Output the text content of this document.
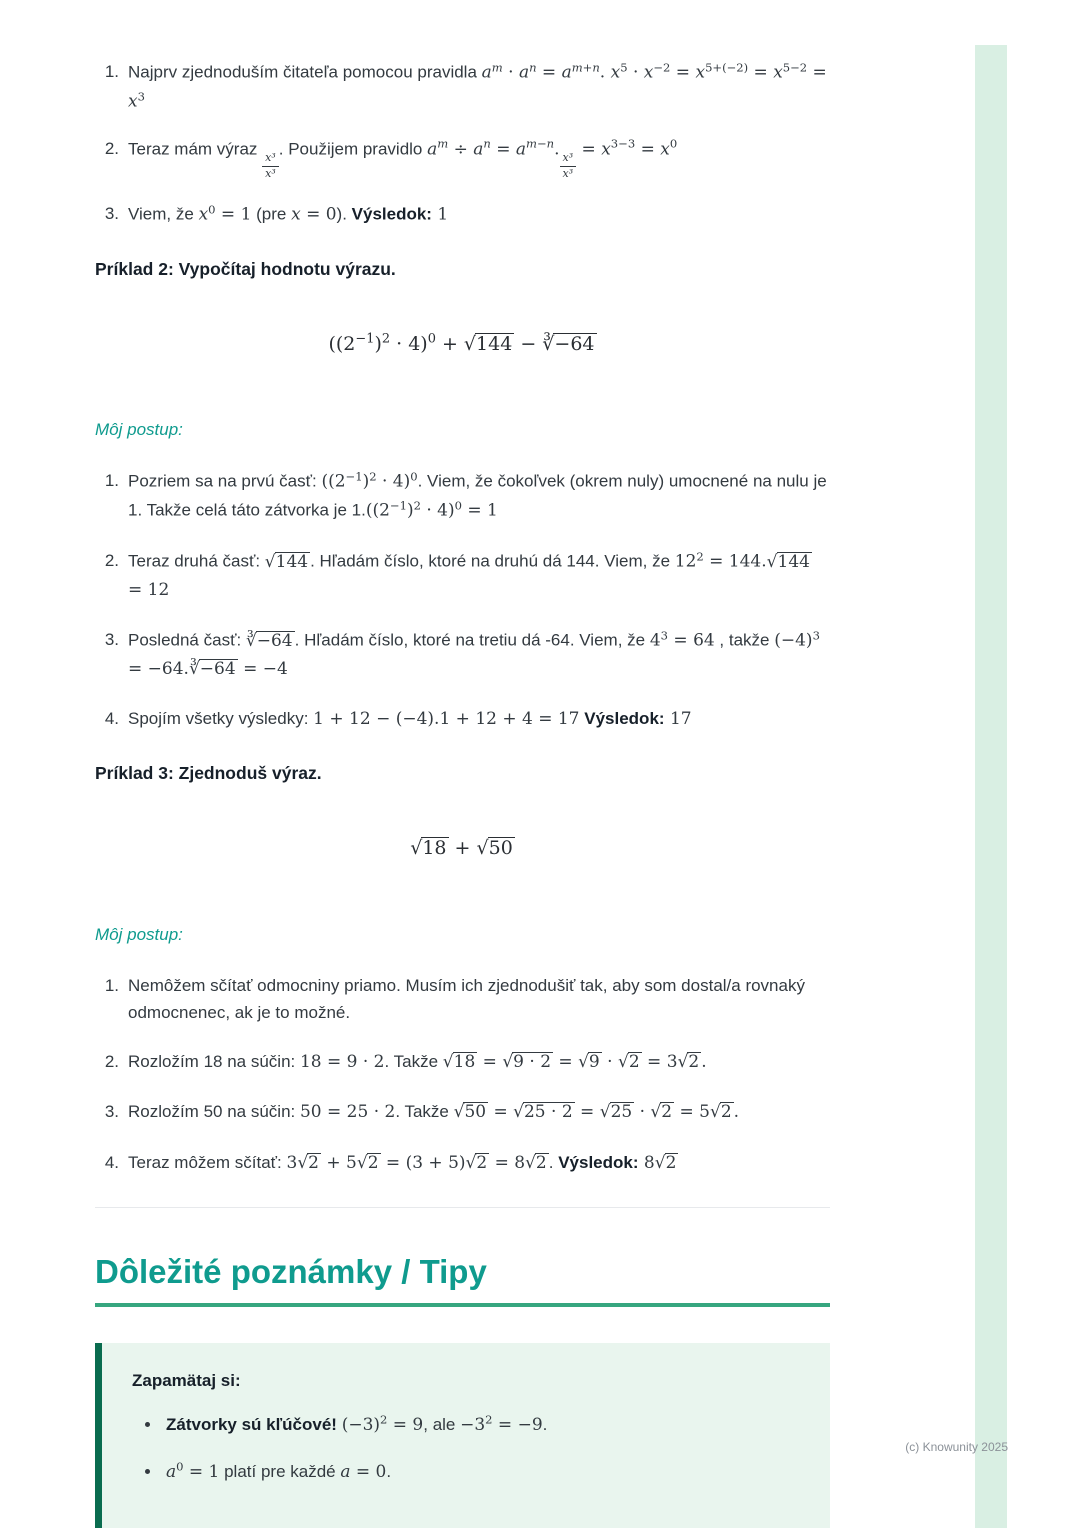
1. Najprv zjednoduším čitateľa pomocou pravidla $a^m \cdot a^n = a^{m+n}$. $x^5 \cdot x^{-2} = x^{5+(-2)} = x^{5-2} = x^3$
2. Teraz mám výraz
$\frac{\text{x³}}{\text{x³}}$
. Použijem pravidlo $a^m \div a^n = a^{m-n}$.
$\frac{\text{x³}}{\text{x³}}$
= $x^{3-3} = x^0$
3. Viem, že $x^0 = 1$ (pre x = 0). Výsledok: 1
Príklad 2: Vypočítaj hodnotu výrazu.
$((2^{-1})^2 \cdot 4)^0 + √144$ − ∛−64

Môj postup:

1. Pozriem sa na prvú časť: $((2^{-1})^2 \cdot 4)^0$. Viem, že čokoľvek (okrem nuly) umocnené na nulu je 1. Takže celá táto zátvorka je $1.((2^{-1})^2 \cdot 4)^0 = 1$
2. Teraz druhá časť: √144 . Hľadám číslo, ktoré na druhú dá 144. Viem, že $12^2 = 144.√144 = 12$
3. Posledná časť: ∛−64 . Hľadám číslo, ktoré na tretiu dá -64. Viem, že $4^3 = 64$ , takže $(-4)^3$ = −64.∛−64 = −4
4. Spojím všetky výsledky: 1 + 12 − (−4).1 + 12 + 4 = 17 Výsledok: 17
Príklad 3: Zjednoduš výraz.
√18 + √50

Môj postup:

1. Nemôžem sčítať odmocniny priamo. Musím ich zjednodušiť tak, aby som dostal/a rovnaký odmocnenec, ak je to možné.
2. Rozložím 18 na súčin: 18 = 9 · 2. Takže √18 = √9 · 2 = √9 · √2 = 3√2 .
3. Rozložím 50 na súčin: 50 = 25 · 2. Takže √50 = √25 · 2 = √25 · √2 = 5√2 .
4. Teraz môžem sčítať: 3√2 + 5√2 = (3 + 5)√2 = 8√2 . Výsledok: 8√2
Dôležité poznámky / Tipy

Zapamätaj si:

• Zátvorky sú kľúčové! $(-3)^2 = 9$, ale $-3^2 = -9$.
• $a^0 = 1$ platí pre každé a = 0.
(c) Knowunity 2025
